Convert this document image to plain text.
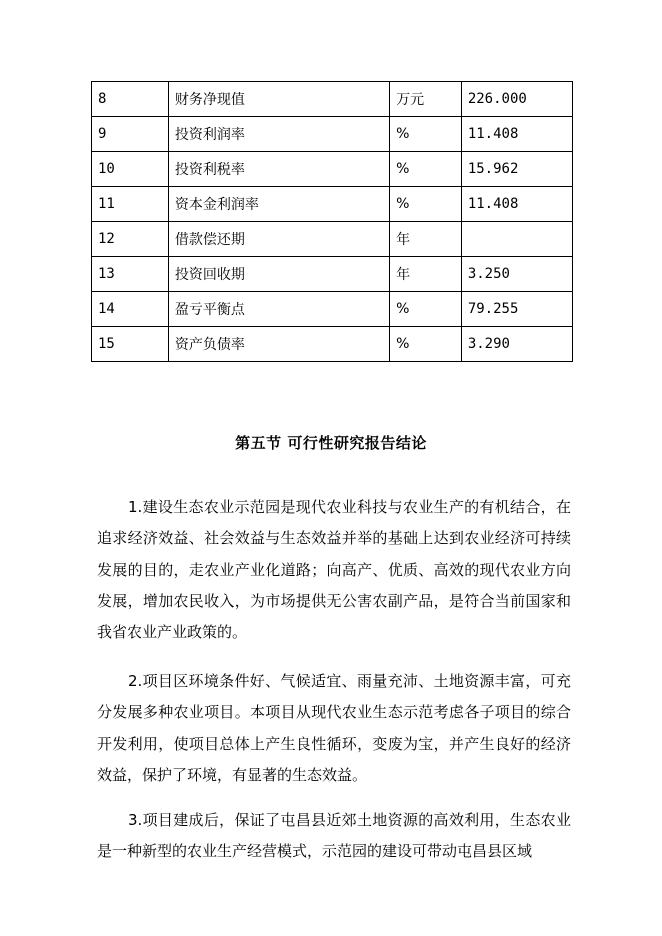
8	财务净现值	万元	226.000
9	投资利润率	%	11.408
10	投资利税率	%	15.962
11	资本金利润率	%	11.408
12	借款偿还期	年	
13	投资回收期	年	3.250
14	盈亏平衡点	%	79.255
15	资产负债率	%	3.290
第五节 可行性研究报告结论

1.建设生态农业示范园是现代农业科技与农业生产的有机结合，在追求经济效益、社会效益与生态效益并举的基础上达到农业经济可持续发展的目的，走农业产业化道路；向高产、优质、高效的现代农业方向发展，增加农民收入，为市场提供无公害农副产品，是符合当前国家和我省农业产业政策的。

2.项目区环境条件好、气候适宜、雨量充沛、土地资源丰富，可充分发展多种农业项目。本项目从现代农业生态示范考虑各子项目的综合开发利用，使项目总体上产生良性循环，变废为宝，并产生良好的经济效益，保护了环境，有显著的生态效益。

3.项目建成后，保证了屯昌县近郊土地资源的高效利用，生态农业是一种新型的农业生产经营模式，示范园的建设可带动屯昌县区域
